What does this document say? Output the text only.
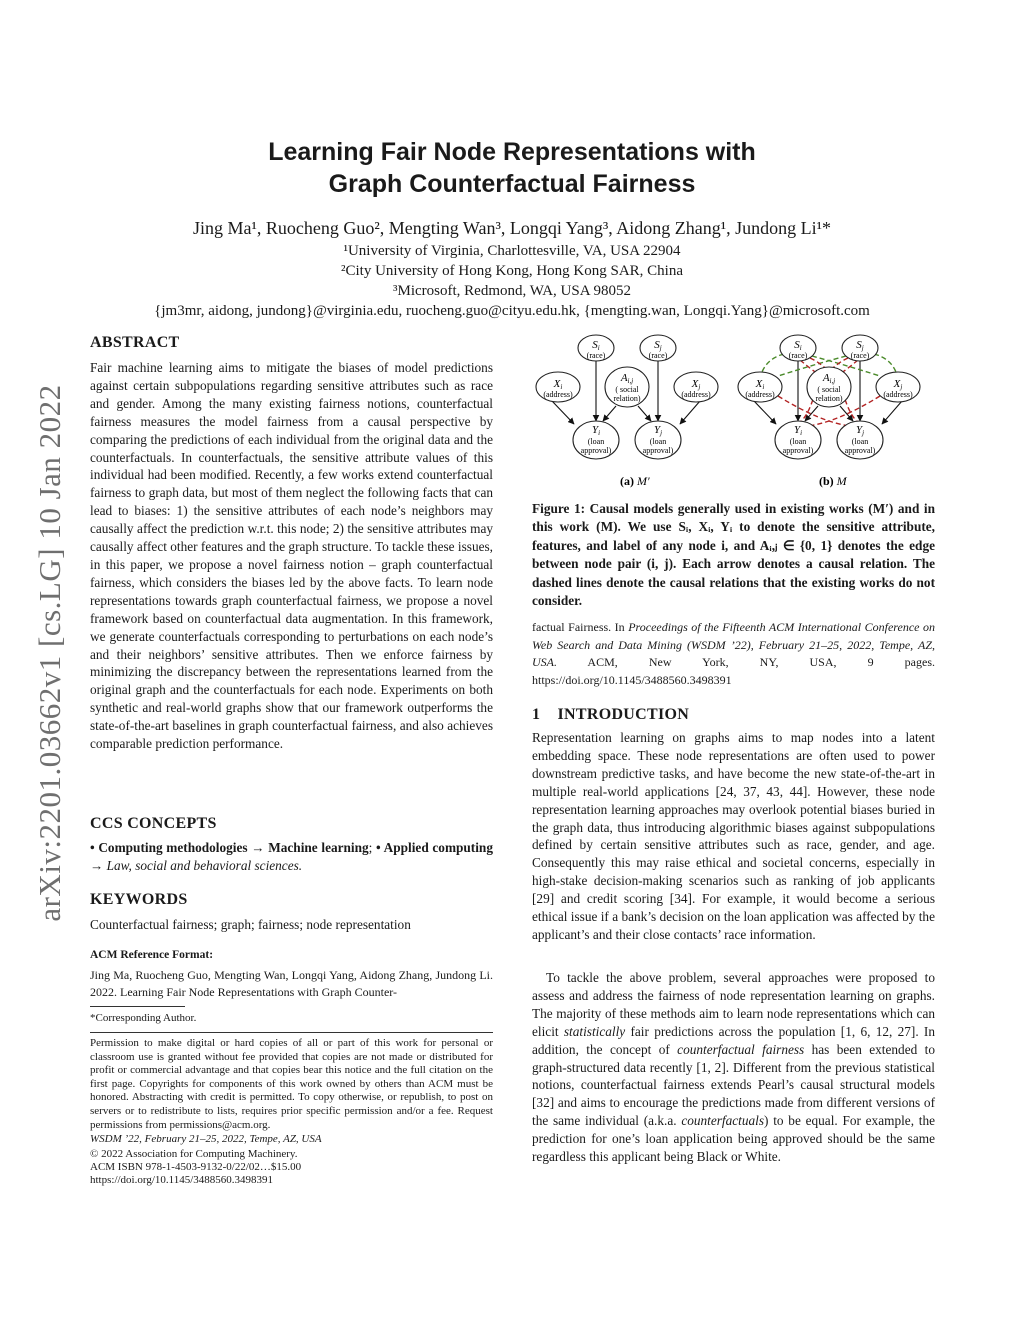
Learning Fair Node Representations with
Graph Counterfactual Fairness
Jing Ma¹, Ruocheng Guo², Mengting Wan³, Longqi Yang³, Aidong Zhang¹, Jundong Li¹*
¹University of Virginia, Charlottesville, VA, USA 22904
²City University of Hong Kong, Hong Kong SAR, China
³Microsoft, Redmond, WA, USA 98052
{jm3mr, aidong, jundong}@virginia.edu, ruocheng.guo@cityu.edu.hk, {mengting.wan, Longqi.Yang}@microsoft.com
arXiv:2201.03662v1 [cs.LG] 10 Jan 2022
ABSTRACT

Fair machine learning aims to mitigate the biases of model predictions against certain subpopulations regarding sensitive attributes such as race and gender. Among the many existing fairness notions, counterfactual fairness measures the model fairness from a causal perspective by comparing the predictions of each individual from the original data and the counterfactuals. In counterfactuals, the sensitive attribute values of this individual had been modified. Recently, a few works extend counterfactual fairness to graph data, but most of them neglect the following facts that can lead to biases: 1) the sensitive attributes of each node’s neighbors may causally affect the prediction w.r.t. this node; 2) the sensitive attributes may causally affect other features and the graph structure. To tackle these issues, in this paper, we propose a novel fairness notion – graph counterfactual fairness, which considers the biases led by the above facts. To learn node representations towards graph counterfactual fairness, we propose a novel framework based on counterfactual data augmentation. In this framework, we generate counterfactuals corresponding to perturbations on each node’s and their neighbors’ sensitive attributes. Then we enforce fairness by minimizing the discrepancy between the representations learned from the original graph and the counterfactuals for each node. Experiments on both synthetic and real-world graphs show that our framework outperforms the state-of-the-art baselines in graph counterfactual fairness, and also achieves comparable prediction performance.

CCS CONCEPTS

• Computing methodologies → Machine learning; • Applied computing → Law, social and behavioral sciences.

KEYWORDS

Counterfactual fairness; graph; fairness; node representation

ACM Reference Format:

Jing Ma, Ruocheng Guo, Mengting Wan, Longqi Yang, Aidong Zhang, Jundong Li. 2022. Learning Fair Node Representations with Graph Counter-

*Corresponding Author.

Permission to make digital or hard copies of all or part of this work for personal or classroom use is granted without fee provided that copies are not made or distributed for profit or commercial advantage and that copies bear this notice and the full citation on the first page. Copyrights for components of this work owned by others than ACM must be honored. Abstracting with credit is permitted. To copy otherwise, or republish, to post on servers or to redistribute to lists, requires prior specific permission and/or a fee. Request permissions from permissions@acm.org.

WSDM ’22, February 21–25, 2022, Tempe, AZ, USA
© 2022 Association for Computing Machinery.
ACM ISBN 978-1-4503-9132-0/22/02…$15.00
https://doi.org/10.1145/3488560.3498391
Si
(race)
Sj
(race)
Xi
(address)
Ai,j
( social
relation)
Xj
(address)
Yi
(loan
approval)
Yj
(loan
approval)
(a) M′
Si
(race)
Sj
(race)
Xi
(address)
Ai,j
( social
relation)
Xj
(address)
Yi
(loan
approval)
Yj
(loan
approval)
(b) M

Figure 1: Causal models generally used in existing works (M′) and in this work (M). We use Sᵢ, Xᵢ, Yᵢ to denote the sensitive attribute, features, and label of any node i, and Aᵢ,ⱼ ∈ {0, 1} denotes the edge between node pair (i, j). Each arrow denotes a causal relation. The dashed lines denote the causal relations that the existing works do not consider.

factual Fairness. In Proceedings of the Fifteenth ACM International Conference on Web Search and Data Mining (WSDM ’22), February 21–25, 2022, Tempe, AZ, USA. ACM, New York, NY, USA, 9 pages. https://doi.org/10.1145/3488560.3498391

1    INTRODUCTION

Representation learning on graphs aims to map nodes into a latent embedding space. These node representations are often used to power downstream predictive tasks, and have become the new state-of-the-art in multiple real-world applications [24, 37, 43, 44]. However, these node representation learning approaches may overlook potential biases buried in the graph data, thus introducing algorithmic biases against subpopulations defined by certain sensitive attributes such as race, gender, and age. Consequently this may raise ethical and societal concerns, especially in high-stake decision-making scenarios such as ranking of job applicants [29] and credit scoring [34]. For example, it would become a serious ethical issue if a bank’s decision on the loan application was affected by the applicant’s and their close contacts’ race information.

To tackle the above problem, several approaches were proposed to assess and address the fairness of node representation learning on graphs. The majority of these methods aim to learn node representations which can elicit statistically fair predictions across the population [1, 6, 12, 27]. In addition, the concept of counterfactual fairness has been extended to graph-structured data recently [1, 2]. Different from the previous statistical notions, counterfactual fairness extends Pearl’s causal structural models [32] and aims to encourage the predictions made from different versions of the same individual (a.k.a. counterfactuals) to be equal. For example, the prediction for one’s loan application being approved should be the same regardless this applicant being Black or White.
